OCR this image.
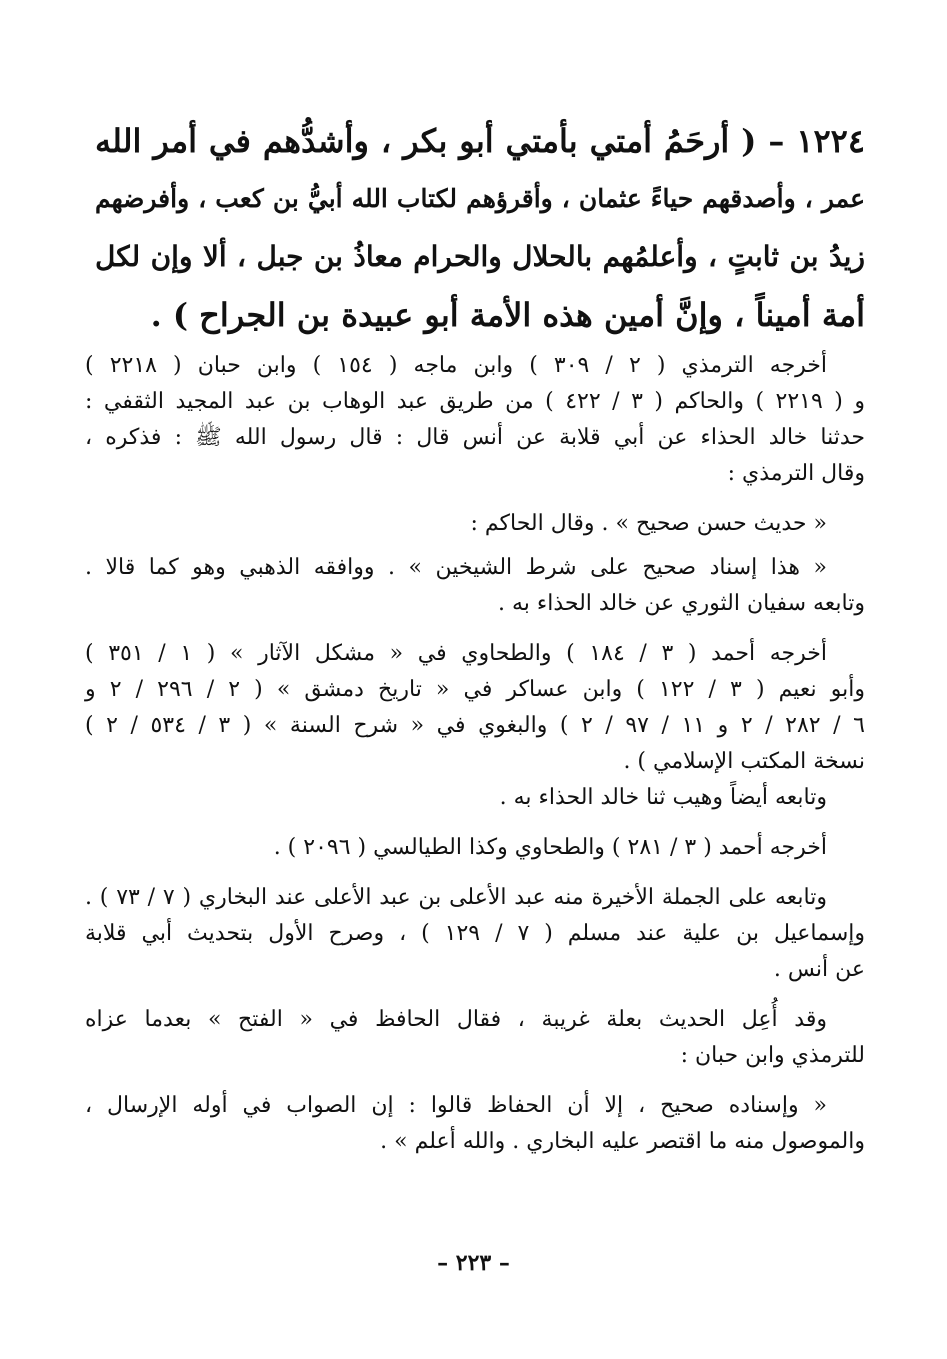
١٢٢٤ – ( أرحَمُ أمتي بأمتي أبو بكر ، وأشدُّهم في أمر الله
عمر ، وأصدقهم حياءً عثمان ، وأقرؤهم لكتاب الله أبيُّ بن كعب ، وأفرضهم
زيدُ بن ثابتٍ ، وأعلمُهم بالحلال والحرام معاذُ بن جبل ، ألا وإن لكل
أمة أميناً ، وإنَّ أمين هذه الأمة أبو عبيدة بن الجراح ) .
أخرجه الترمذي ( ٢ / ٣٠٩ ) وابن ماجه ( ١٥٤ ) وابن حبان ( ٢٢١٨ )
و ( ٢٢١٩ ) والحاكم ( ٣ / ٤٢٢ ) من طريق عبد الوهاب بن عبد المجيد الثقفي :
حدثنا خالد الحذاء عن أبي قلابة عن أنس قال : قال رسول الله ﷺ : فذكره ،
وقال الترمذي :
« حديث حسن صحيح » . وقال الحاكم :
« هذا إسناد صحيح على شرط الشيخين » . ووافقه الذهبي وهو كما قالا .
وتابعه سفيان الثوري عن خالد الحذاء به .
أخرجه أحمد ( ٣ / ١٨٤ ) والطحاوي في « مشكل الآثار » ( ١ / ٣٥١ )
وأبو نعيم ( ٣ / ١٢٢ ) وابن عساكر في « تاريخ دمشق » ( ٢ / ٢٩٦ / ٢ و
٦ / ٢٨٢ / ٢ و ١١ / ٩٧ / ٢ ) والبغوي في « شرح السنة » ( ٣ / ٥٣٤ / ٢ )
نسخة المكتب الإسلامي ) .
وتابعه أيضاً وهيب ثنا خالد الحذاء به .
أخرجه أحمد ( ٣ / ٢٨١ ) والطحاوي وكذا الطيالسي ( ٢٠٩٦ ) .
وتابعه على الجملة الأخيرة منه عبد الأعلى بن عبد الأعلى عند البخاري ( ٧ / ٧٣ ) .
وإسماعيل بن علية عند مسلم ( ٧ / ١٢٩ ) ، وصرح الأول بتحديث أبي قلابة
عن أنس .
وقد أُعِل الحديث بعلة غريبة ، فقال الحافظ في « الفتح » بعدما عزاه
للترمذي وابن حبان :
« وإسناده صحيح ، إلا أن الحفاظ قالوا : إن الصواب في أوله الإرسال ،
والموصول منه ما اقتصر عليه البخاري . والله أعلم » .
– ٢٢٣ –
